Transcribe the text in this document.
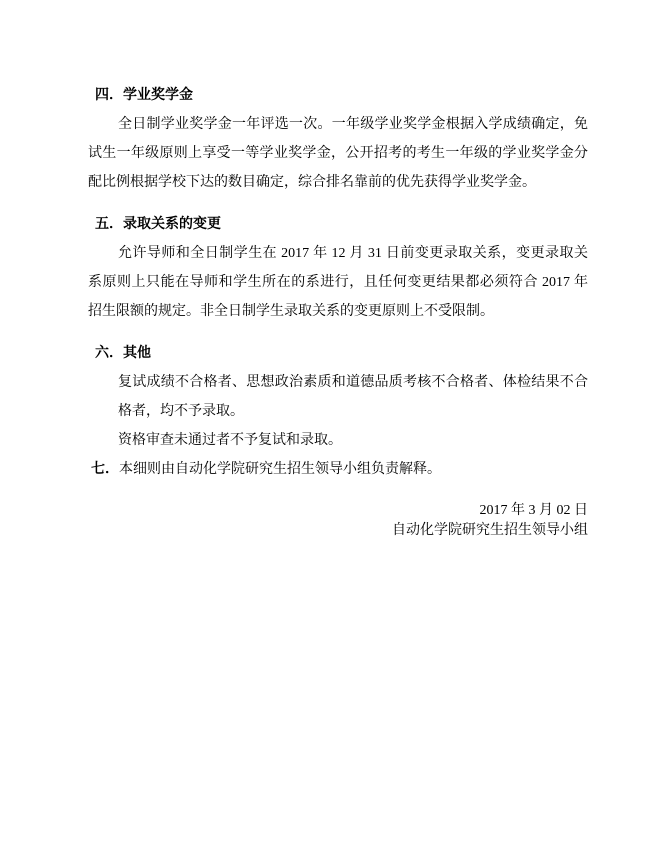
四．学业奖学金
全日制学业奖学金一年评选一次。一年级学业奖学金根据入学成绩确定，免
试生一年级原则上享受一等学业奖学金，公开招考的考生一年级的学业奖学金分
配比例根据学校下达的数目确定，综合排名靠前的优先获得学业奖学金。
五．录取关系的变更
允许导师和全日制学生在 2017 年 12 月 31 日前变更录取关系，变更录取关
系原则上只能在导师和学生所在的系进行，且任何变更结果都必须符合 2017 年
招生限额的规定。非全日制学生录取关系的变更原则上不受限制。
六．其他
复试成绩不合格者、思想政治素质和道德品质考核不合格者、体检结果不合
格者，均不予录取。
资格审查未通过者不予复试和录取。
七．本细则由自动化学院研究生招生领导小组负责解释。
2017 年 3 月 02 日
自动化学院研究生招生领导小组
